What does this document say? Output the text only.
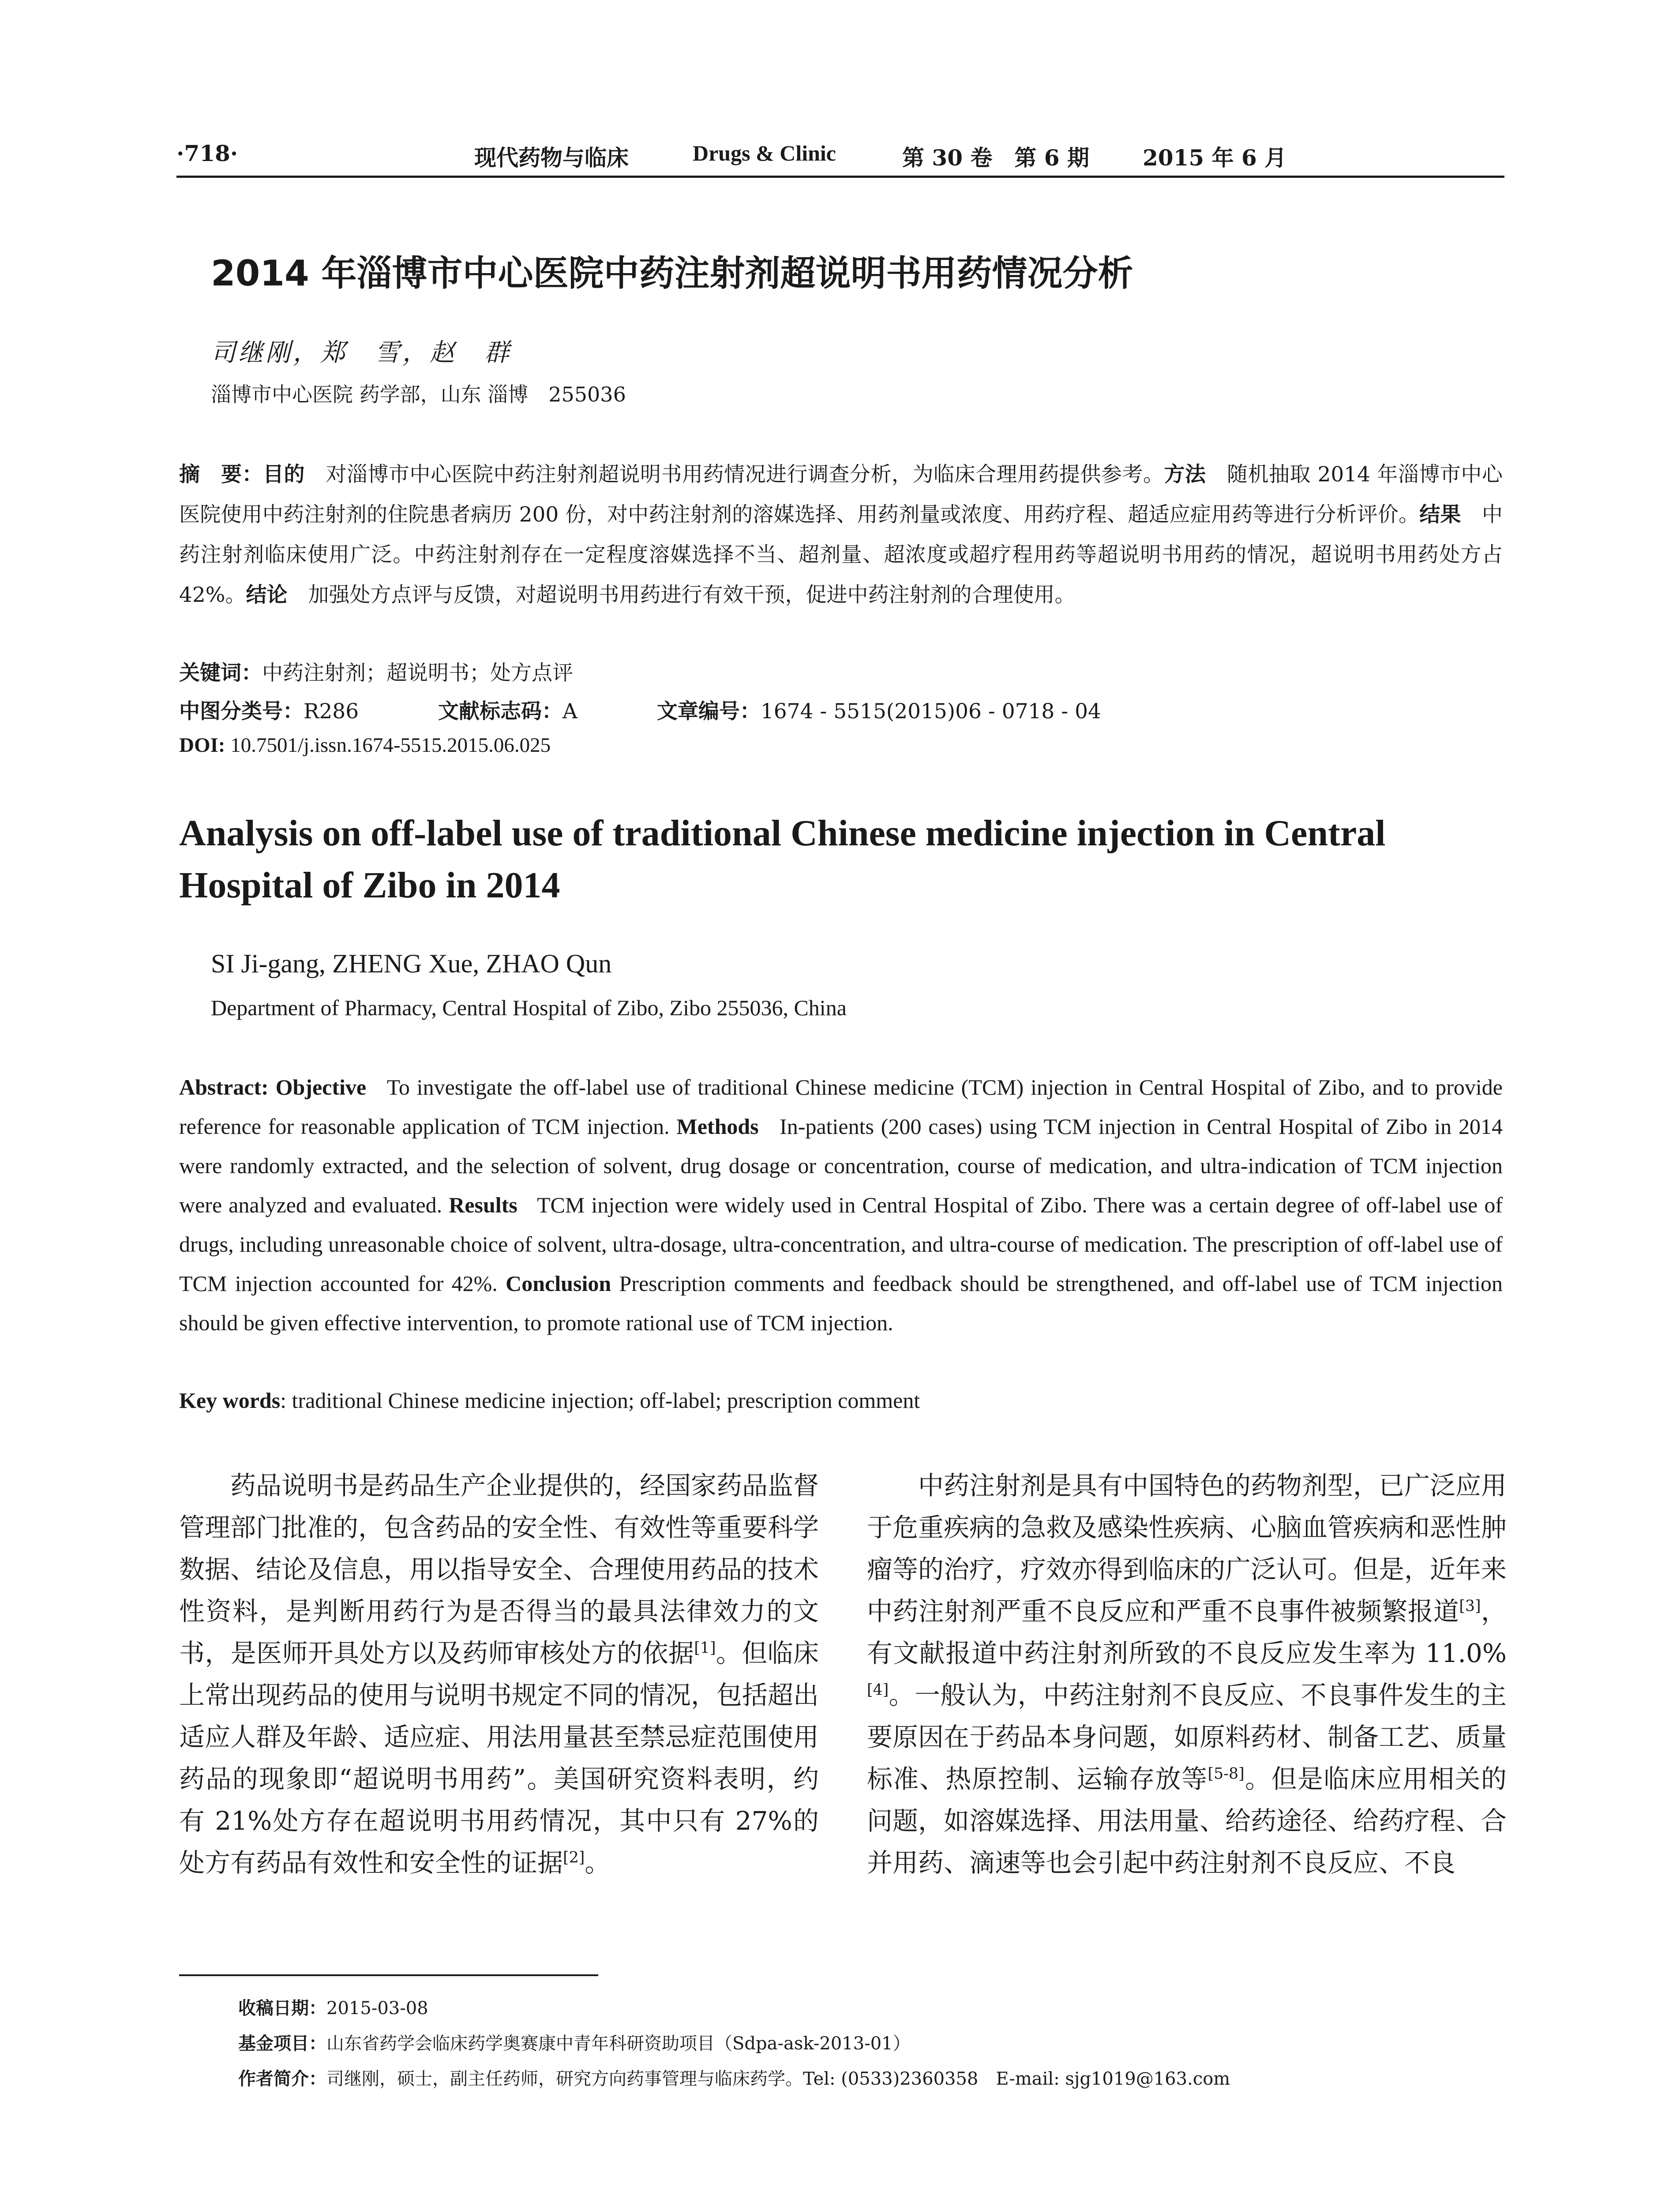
·718·	现代药物与临床	Drugs & Clinic	第 30 卷　第 6 期 2015 年 6 月
2014 年淄博市中心医院中药注射剂超说明书用药情况分析
司继刚，郑　雪，赵　群
淄博市中心医院 药学部，山东 淄博　255036
摘　要：目的　 对淄博市中心医院中药注射剂超说明书用药情况进行调查分析，为临床合理用药提供参考。方法　 随机抽取 2014 年淄博市中心医院使用中药注射剂的住院患者病历 200 份，对中药注射剂的溶媒选择、用药剂量或浓度、用药疗程、超适应症用药等进行分析评价。结果　 中药注射剂临床使用广泛。中药注射剂存在一定程度溶媒选择不当、超剂量、超浓度或超疗程用药等超说明书用药的情况，超说明书用药处方占 42%。结论　 加强处方点评与反馈，对超说明书用药进行有效干预，促进中药注射剂的合理使用。
关键词：中药注射剂；超说明书；处方点评
中图分类号：R286	文献标志码：A	文章编号：1674 - 5515(2015)06 - 0718 - 04
DOI: 10.7501/j.issn.1674-5515.2015.06.025
Analysis on off-label use of traditional Chinese medicine injection in Central Hospital of Zibo in 2014
SI Ji-gang, ZHENG Xue, ZHAO Qun
Department of Pharmacy, Central Hospital of Zibo, Zibo 255036, China
Abstract: Objective To investigate the off-label use of traditional Chinese medicine (TCM) injection in Central Hospital of Zibo, and to provide reference for reasonable application of TCM injection. Methods In-patients (200 cases) using TCM injection in Central Hospital of Zibo in 2014 were randomly extracted, and the selection of solvent, drug dosage or concentration, course of medication, and ultra-indication of TCM injection were analyzed and evaluated. Results TCM injection were widely used in Central Hospital of Zibo. There was a certain degree of off-label use of drugs, including unreasonable choice of solvent, ultra-dosage, ultra-concentration, and ultra-course of medication. The prescription of off-label use of TCM injection accounted for 42%. Conclusion Prescription comments and feedback should be strengthened, and off-label use of TCM injection should be given effective intervention, to promote rational use of TCM injection.
Key words: traditional Chinese medicine injection; off-label; prescription comment
药品说明书是药品生产企业提供的，经国家药品监督管理部门批准的，包含药品的安全性、有效性等重要科学数据、结论及信息，用以指导安全、合理使用药品的技术性资料，是判断用药行为是否得当的最具法律效力的文书，是医师开具处方以及药师审核处方的依据[1]。但临床上常出现药品的使用与说明书规定不同的情况，包括超出适应人群及年龄、适应症、用法用量甚至禁忌症范围使用药品的现象即“超说明书用药”。美国研究资料表明，约有 21%处方存在超说明书用药情况，其中只有 27%的处方有药品有效性和安全性的证据[2]。
中药注射剂是具有中国特色的药物剂型，已广泛应用于危重疾病的急救及感染性疾病、心脑血管疾病和恶性肿瘤等的治疗，疗效亦得到临床的广泛认可。但是，近年来中药注射剂严重不良反应和严重不良事件被频繁报道[3]，有文献报道中药注射剂所致的不良反应发生率为 11.0%[4]。一般认为，中药注射剂不良反应、不良事件发生的主要原因在于药品本身问题，如原料药材、制备工艺、质量标准、热原控制、运输存放等[5-8]。但是临床应用相关的问题，如溶媒选择、用法用量、给药途径、给药疗程、合并用药、滴速等也会引起中药注射剂不良反应、不良
收稿日期：2015-03-08
基金项目：山东省药学会临床药学奥赛康中青年科研资助项目（Sdpa-ask-2013-01）
作者简介：司继刚，硕士，副主任药师，研究方向药事管理与临床药学。Tel: (0533)2360358　E-mail: sjg1019@163.com
